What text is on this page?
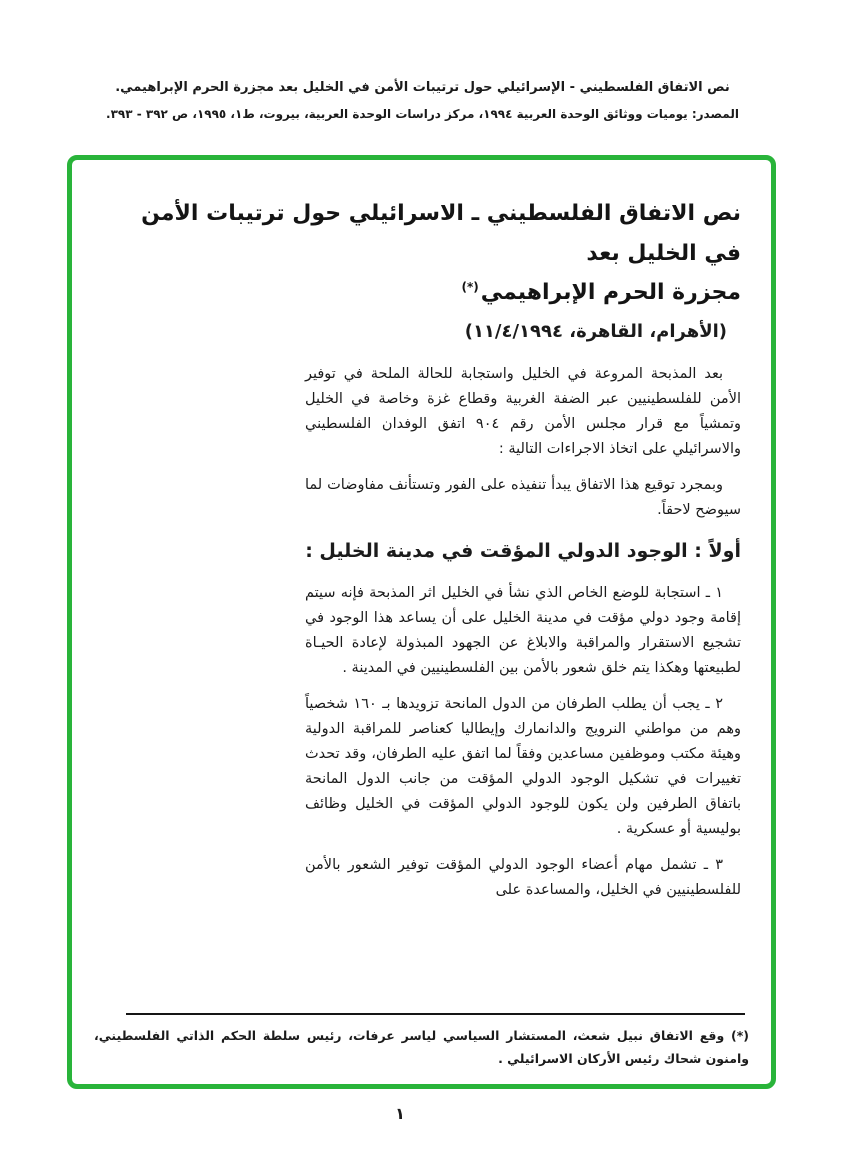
نص الاتفاق الفلسطيني - الإسرائيلي حول ترتيبات الأمن في الخليل بعد مجزرة الحرم الإبراهيمي.
المصدر: يوميات ووثائق الوحدة العربية ١٩٩٤، مركز دراسات الوحدة العربية، بيروت، ط١، ١٩٩٥، ص ٣٩٢ - ٣٩٣.
نص الاتفاق الفلسطيني ـ الاسرائيلي حول ترتيبات الأمن في الخليل بعد
مجزرة الحرم الإبراهيمي(*)
(الأهرام، القاهرة، ١١/٤/١٩٩٤)

بعد المذبحة المروعة في الخليل واستجابة للحالة الملحة في توفير الأمن للفلسطينيين عبر الضفة الغربية وقطاع غزة وخاصة في الخليل وتمشياً مع قرار مجلس الأمن رقم ٩٠٤ اتفق الوفدان الفلسطيني والاسرائيلي على اتخاذ الاجراءات التالية :

وبمجرد توقيع هذا الاتفاق يبدأ تنفيذه على الفور وتستأنف مفاوضات لما سيوضح لاحقاً.

أولاً : الوجود الدولي المؤقت في مدينة الخليل :

١ ـ استجابة للوضع الخاص الذي نشأ في الخليل اثر المذبحة فإنه سيتم إقامة وجود دولي مؤقت في مدينة الخليل على أن يساعد هذا الوجود في تشجيع الاستقرار والمراقبة والابلاغ عن الجهود المبذولة لإعادة الحيـاة لطبيعتها وهكذا يتم خلق شعور بالأمن بين الفلسطينيين في المدينة .

٢ ـ يجب أن يطلب الطرفان من الدول المانحة تزويدها بـ ١٦٠ شخصياً وهم من مواطني النرويج والدانمارك وإيطاليا كعناصر للمراقبة الدولية وهيئة مكتب وموظفين مساعدين وفقاً لما اتفق عليه الطرفان، وقد تحدث تغييرات في تشكيل الوجود الدولي المؤقت من جانب الدول المانحة باتفاق الطرفين ولن يكون للوجود الدولي المؤقت في الخليل وظائف بوليسية أو عسكرية .

٣ ـ تشمل مهام أعضاء الوجود الدولي المؤقت توفير الشعور بالأمن للفلسطينيين في الخليل، والمساعدة على

(*) وقع الاتفاق نبيل شعث، المستشار السياسي لياسر عرفات، رئيس سلطة الحكم الذاتي الفلسطيني، وامنون شحاك رئيس الأركان الاسرائيلي .

١
